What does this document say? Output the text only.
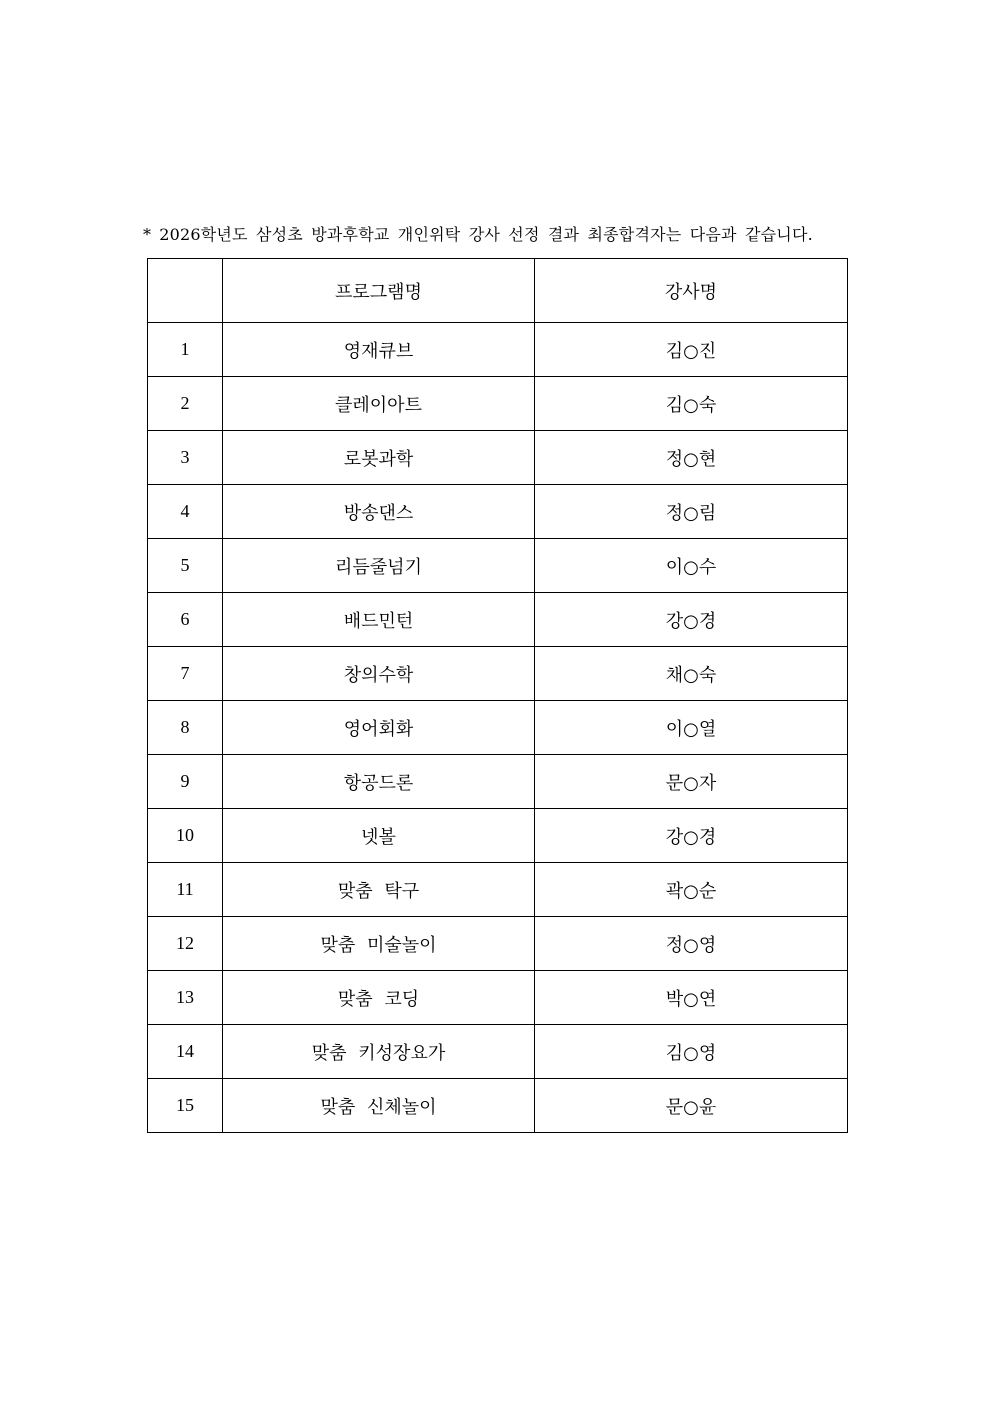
* 2026학년도 삼성초 방과후학교 개인위탁 강사 선정 결과 최종합격자는 다음과 같습니다.
	프로그램명	강사명
1	영재큐브	김○진
2	클레이아트	김○숙
3	로봇과학	정○현
4	방송댄스	정○림
5	리듬줄넘기	이○수
6	배드민턴	강○경
7	창의수학	채○숙
8	영어회화	이○열
9	항공드론	문○자
10	넷볼	강○경
11	맞춤 탁구	곽○순
12	맞춤 미술놀이	정○영
13	맞춤 코딩	박○연
14	맞춤 키성장요가	김○영
15	맞춤 신체놀이	문○윤
